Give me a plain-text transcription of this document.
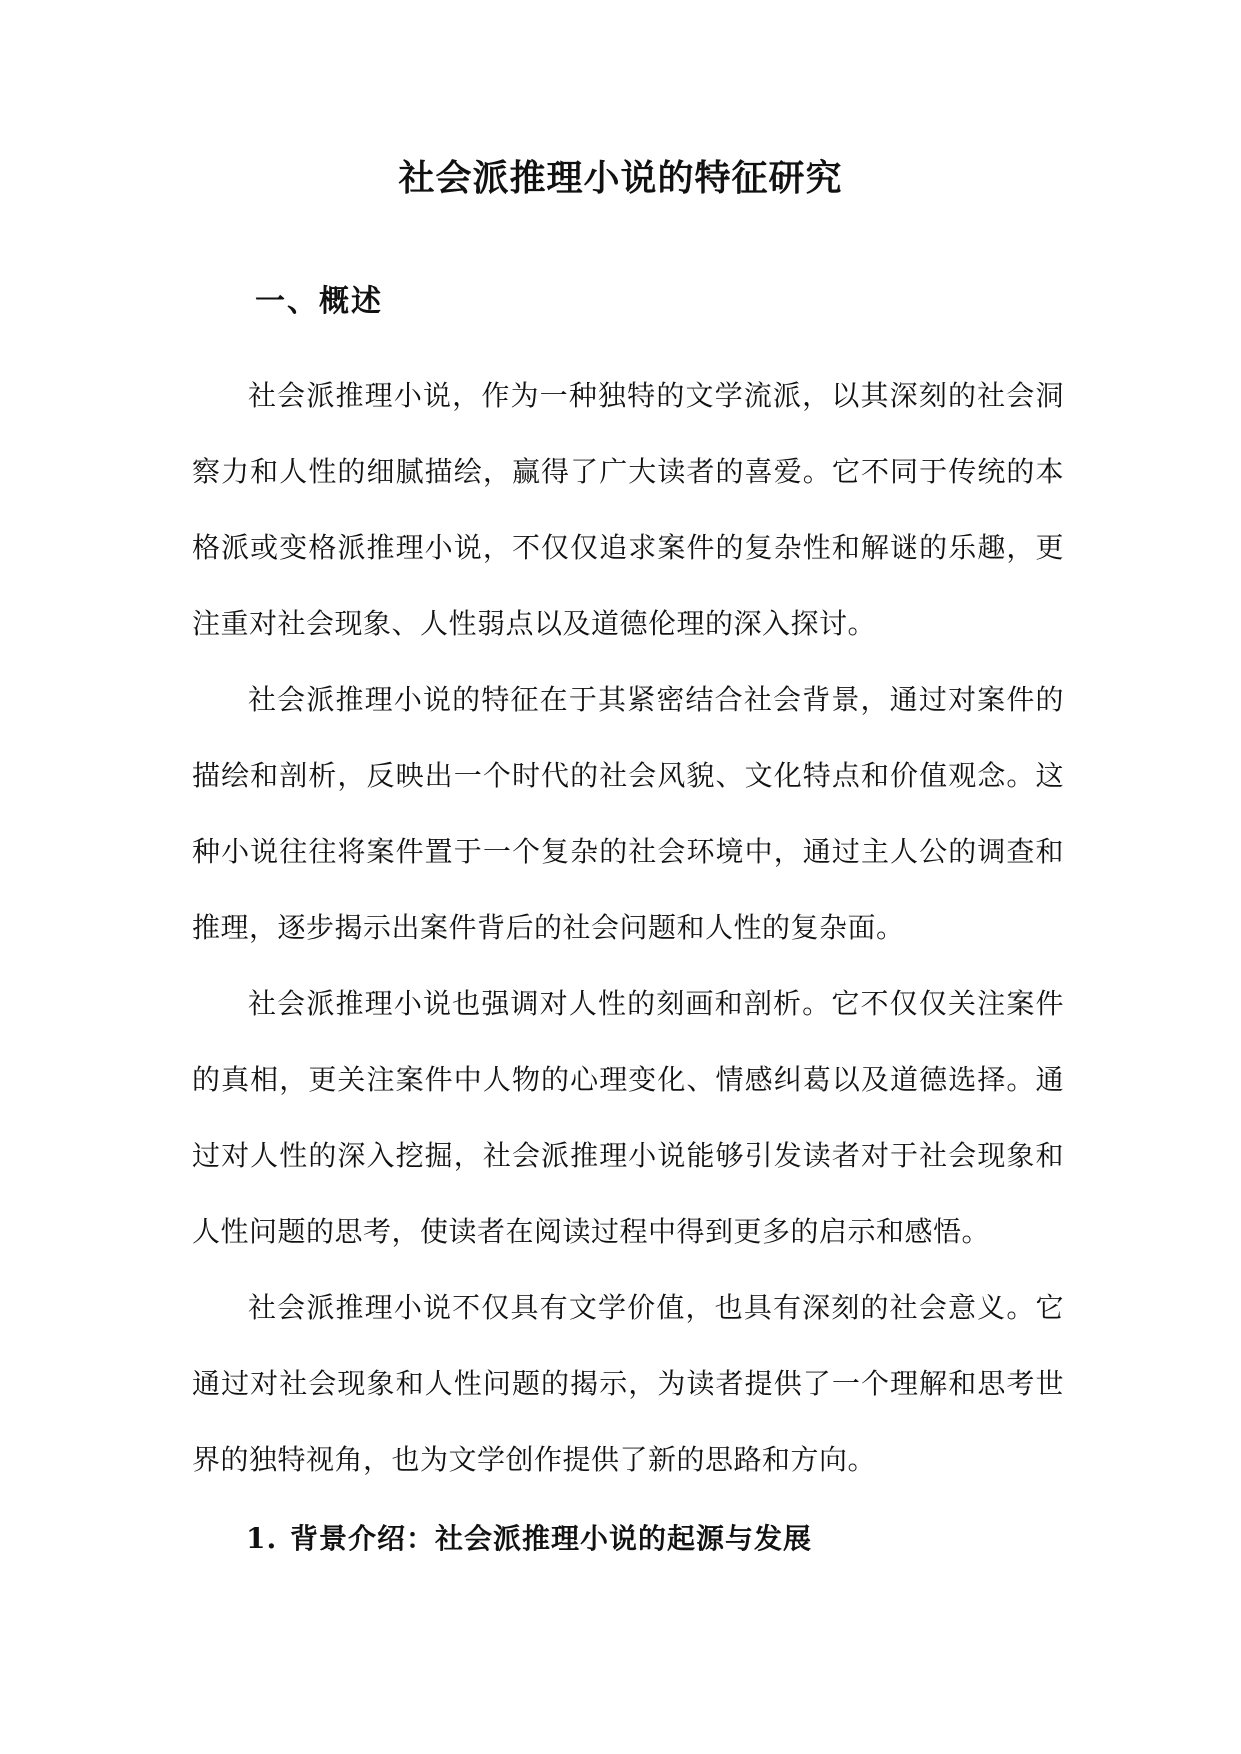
社会派推理小说的特征研究
一、概述

社会派推理小说，作为一种独特的文学流派，以其深刻的社会洞察力和人性的细腻描绘，赢得了广大读者的喜爱。它不同于传统的本格派或变格派推理小说，不仅仅追求案件的复杂性和解谜的乐趣，更注重对社会现象、人性弱点以及道德伦理的深入探讨。

社会派推理小说的特征在于其紧密结合社会背景，通过对案件的描绘和剖析，反映出一个时代的社会风貌、文化特点和价值观念。这种小说往往将案件置于一个复杂的社会环境中，通过主人公的调查和推理，逐步揭示出案件背后的社会问题和人性的复杂面。

社会派推理小说也强调对人性的刻画和剖析。它不仅仅关注案件的真相，更关注案件中人物的心理变化、情感纠葛以及道德选择。通过对人性的深入挖掘，社会派推理小说能够引发读者对于社会现象和人性问题的思考，使读者在阅读过程中得到更多的启示和感悟。

社会派推理小说不仅具有文学价值，也具有深刻的社会意义。它通过对社会现象和人性问题的揭示，为读者提供了一个理解和思考世界的独特视角，也为文学创作提供了新的思路和方向。

1. 背景介绍：社会派推理小说的起源与发展
